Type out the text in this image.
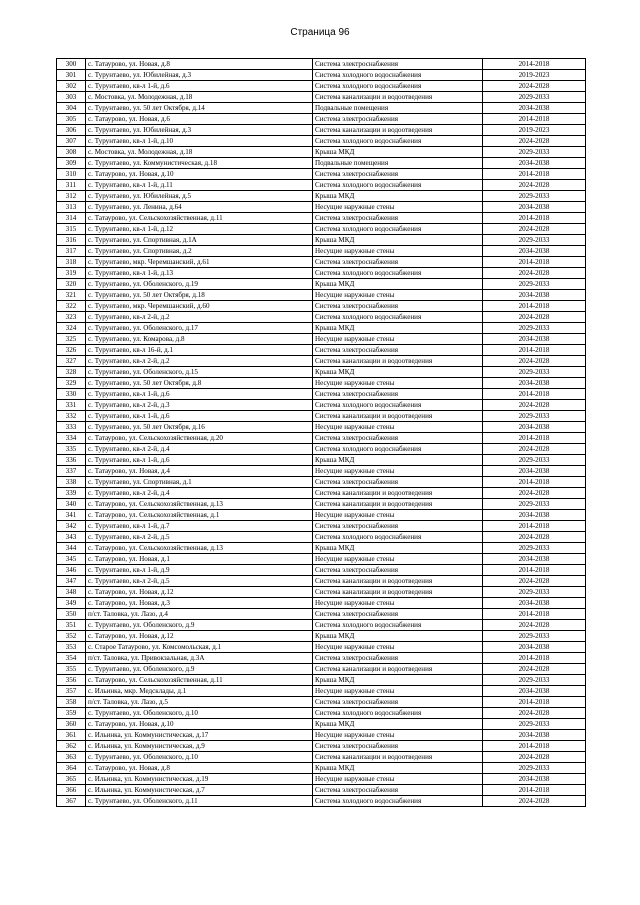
Страница 96
300	с. Татаурово, ул. Новая, д.8	Система электроснабжения	2014-2018
301	с. Турунтаево, ул. Юбилейная, д.3	Система холодного водоснабжения	2019-2023
302	с. Турунтаево, кв-л 1-й, д.6	Система холодного водоснабжения	2024-2028
303	с. Мостовка, ул. Молодежная, д.18	Система канализации и водоотведения	2029-2033
304	с. Турунтаево, ул. 50 лет Октября, д.14	Подвальные помещения	2034-2038
305	с. Татаурово, ул. Новая, д.6	Система электроснабжения	2014-2018
306	с. Турунтаево, ул. Юбилейная, д.3	Система канализации и водоотведения	2019-2023
307	с. Турунтаево, кв-л 1-й, д.10	Система холодного водоснабжения	2024-2028
308	с. Мостовка, ул. Молодежная, д.18	Крыша МКД	2029-2033
309	с. Турунтаево, ул. Коммунистическая, д.18	Подвальные помещения	2034-2038
310	с. Татаурово, ул. Новая, д.10	Система электроснабжения	2014-2018
311	с. Турунтаево, кв-л 1-й, д.11	Система холодного водоснабжения	2024-2028
312	с. Турунтаево, ул. Юбилейная, д.5	Крыша МКД	2029-2033
313	с. Турунтаево, ул. Ленина, д.64	Несущие наружные стены	2034-2038
314	с. Татаурово, ул. Сельскохозяйственная, д.11	Система электроснабжения	2014-2018
315	с. Турунтаево, кв-л 1-й, д.12	Система холодного водоснабжения	2024-2028
316	с. Турунтаево, ул. Спортивная, д.1А	Крыша МКД	2029-2033
317	с. Турунтаево, ул. Спортивная, д.2	Несущие наружные стены	2034-2038
318	с. Турунтаево, мкр. Черемшанский, д.61	Система электроснабжения	2014-2018
319	с. Турунтаево, кв-л 1-й, д.13	Система холодного водоснабжения	2024-2028
320	с. Турунтаево, ул. Оболенского, д.19	Крыша МКД	2029-2033
321	с. Турунтаево, ул. 50 лет Октября, д.18	Несущие наружные стены	2034-2038
322	с. Турунтаево, мкр. Черемшанский, д.60	Система электроснабжения	2014-2018
323	с. Турунтаево, кв-л 2-й, д.2	Система холодного водоснабжения	2024-2028
324	с. Турунтаево, ул. Оболенского, д.17	Крыша МКД	2029-2033
325	с. Турунтаево, ул. Комарова, д.8	Несущие наружные стены	2034-2038
326	с. Турунтаево, кв-л 16-й, д.1	Система электроснабжения	2014-2018
327	с. Турунтаево, кв-л 2-й, д.2	Система канализации и водоотведения	2024-2028
328	с. Турунтаево, ул. Оболенского, д.15	Крыша МКД	2029-2033
329	с. Турунтаево, ул. 50 лет Октября, д.8	Несущие наружные стены	2034-2038
330	с. Турунтаево, кв-л 1-й, д.6	Система электроснабжения	2014-2018
331	с. Турунтаево, кв-л 2-й, д.3	Система холодного водоснабжения	2024-2028
332	с. Турунтаево, кв-л 1-й, д.6	Система канализации и водоотведения	2029-2033
333	с. Турунтаево, ул. 50 лет Октября, д.16	Несущие наружные стены	2034-2038
334	с. Татаурово, ул. Сельскохозяйственная, д.20	Система электроснабжения	2014-2018
335	с. Турунтаево, кв-л 2-й, д.4	Система холодного водоснабжения	2024-2028
336	с. Турунтаево, кв-л 1-й, д.6	Крыша МКД	2029-2033
337	с. Татаурово, ул. Новая, д.4	Несущие наружные стены	2034-2038
338	с. Турунтаево, ул. Спортивная, д.1	Система электроснабжения	2014-2018
339	с. Турунтаево, кв-л 2-й, д.4	Система канализации и водоотведения	2024-2028
340	с. Татаурово, ул. Сельскохозяйственная, д.13	Система канализации и водоотведения	2029-2033
341	с. Татаурово, ул. Сельскохозяйственная, д.1	Несущие наружные стены	2034-2038
342	с. Турунтаево, кв-л 1-й, д.7	Система электроснабжения	2014-2018
343	с. Турунтаево, кв-л 2-й, д.5	Система холодного водоснабжения	2024-2028
344	с. Татаурово, ул. Сельскохозяйственная, д.13	Крыша МКД	2029-2033
345	с. Татаурово, ул. Новая, д.1	Несущие наружные стены	2034-2038
346	с. Турунтаево, кв-л 1-й, д.9	Система электроснабжения	2014-2018
347	с. Турунтаево, кв-л 2-й, д.5	Система канализации и водоотведения	2024-2028
348	с. Татаурово, ул. Новая, д.12	Система канализации и водоотведения	2029-2033
349	с. Татаурово, ул. Новая, д.3	Несущие наружные стены	2034-2038
350	п/ст. Таловка, ул. Лазо, д.4	Система электроснабжения	2014-2018
351	с. Турунтаево, ул. Оболенского, д.9	Система холодного водоснабжения	2024-2028
352	с. Татаурово, ул. Новая, д.12	Крыша МКД	2029-2033
353	с. Старое Татаурово, ул. Комсомольская, д.1	Несущие наружные стены	2034-2038
354	п/ст. Таловка, ул. Привокзальная, д.3А	Система электроснабжения	2014-2018
355	с. Турунтаево, ул. Оболенского, д.9	Система канализации и водоотведения	2024-2028
356	с. Татаурово, ул. Сельскохозяйственная, д.11	Крыша МКД	2029-2033
357	с. Ильинка, мкр. Медсклады, д.1	Несущие наружные стены	2034-2038
358	п/ст. Таловка, ул. Лазо, д.5	Система электроснабжения	2014-2018
359	с. Турунтаево, ул. Оболенского, д.10	Система холодного водоснабжения	2024-2028
360	с. Татаурово, ул. Новая, д.10	Крыша МКД	2029-2033
361	с. Ильинка, ул. Коммунистическая, д.17	Несущие наружные стены	2034-2038
362	с. Ильинка, ул. Коммунистическая, д.9	Система электроснабжения	2014-2018
363	с. Турунтаево, ул. Оболенского, д.10	Система канализации и водоотведения	2024-2028
364	с. Татаурово, ул. Новая, д.8	Крыша МКД	2029-2033
365	с. Ильинка, ул. Коммунистическая, д.19	Несущие наружные стены	2034-2038
366	с. Ильинка, ул. Коммунистическая, д.7	Система электроснабжения	2014-2018
367	с. Турунтаево, ул. Оболенского, д.11	Система холодного водоснабжения	2024-2028
